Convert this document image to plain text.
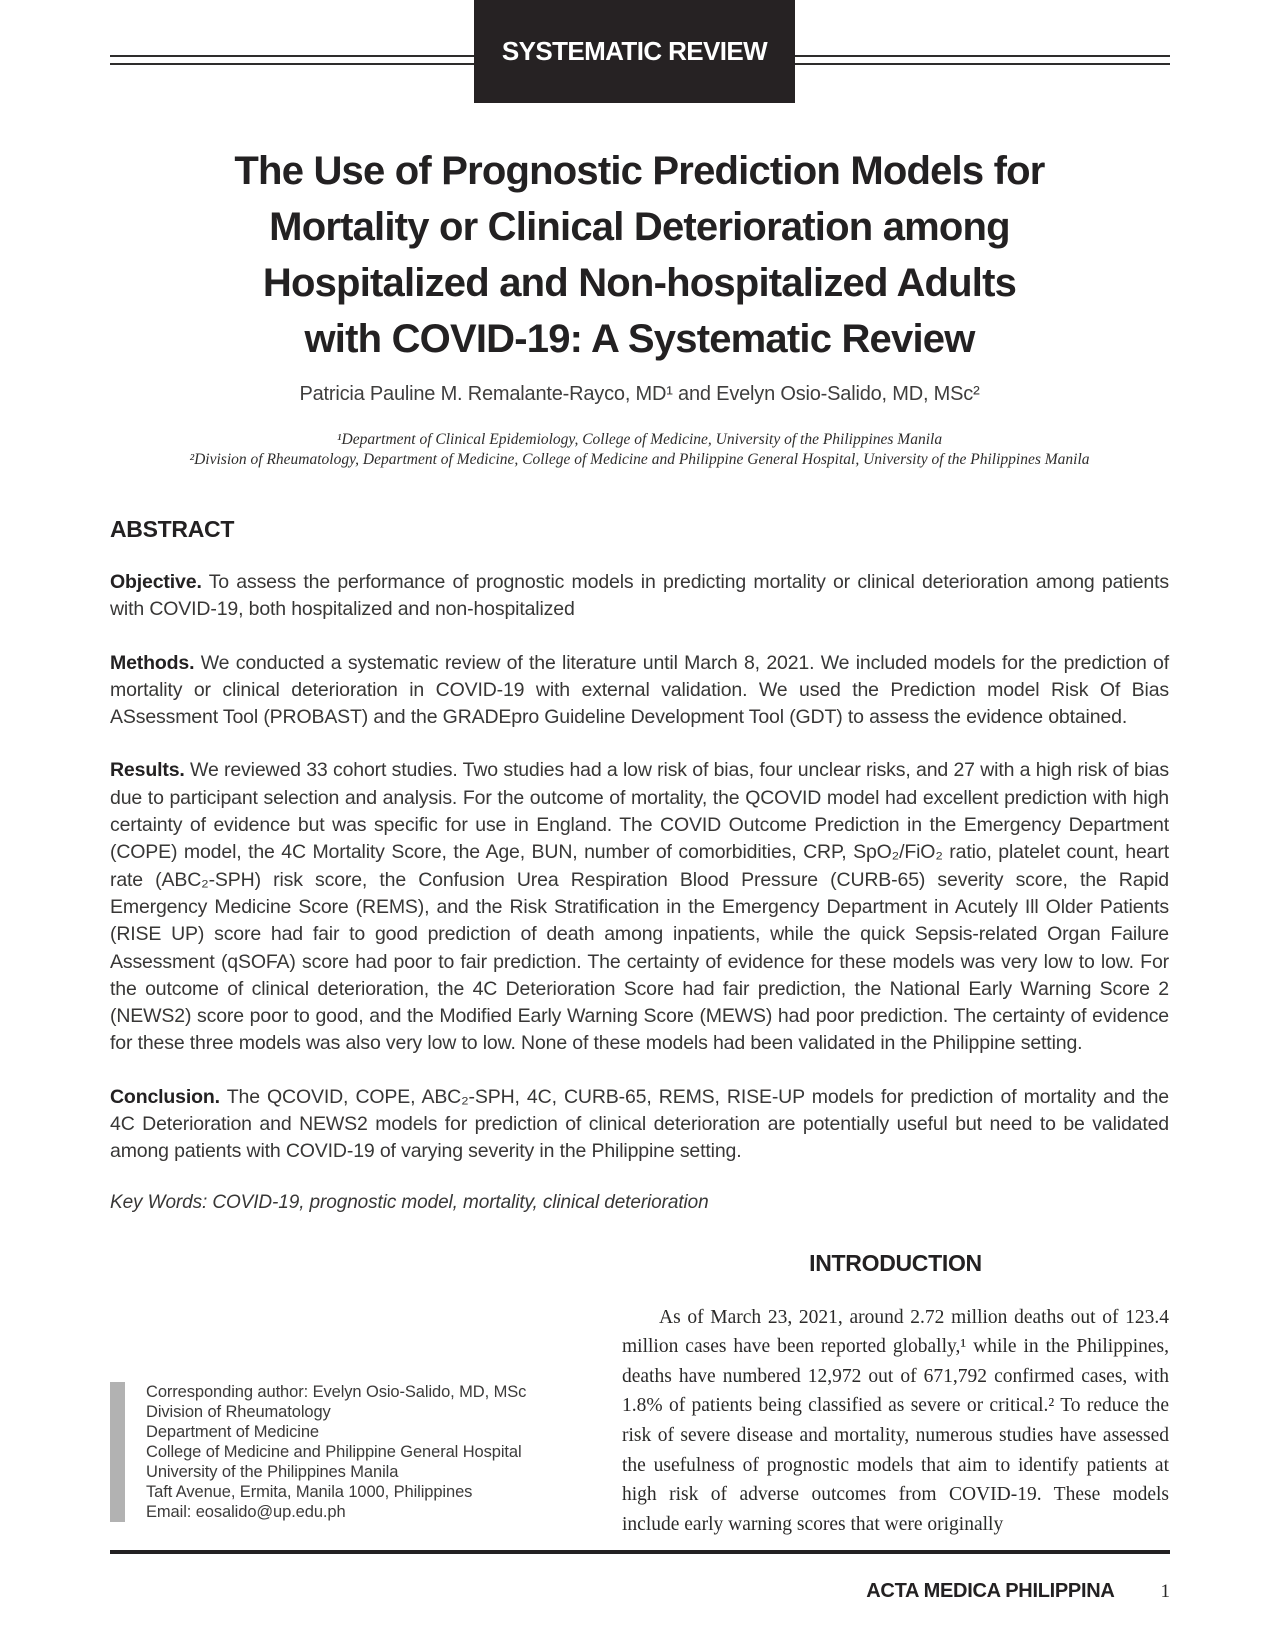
SYSTEMATIC REVIEW
The Use of Prognostic Prediction Models for
Mortality or Clinical Deterioration among
Hospitalized and Non-hospitalized Adults
with COVID-19: A Systematic Review
Patricia Pauline M. Remalante-Rayco, MD¹ and Evelyn Osio-Salido, MD, MSc²
¹Department of Clinical Epidemiology, College of Medicine, University of the Philippines Manila
²Division of Rheumatology, Department of Medicine, College of Medicine and Philippine General Hospital, University of the Philippines Manila
ABSTRACT

Objective. To assess the performance of prognostic models in predicting mortality or clinical deterioration among patients with COVID-19, both hospitalized and non-hospitalized

Methods. We conducted a systematic review of the literature until March 8, 2021. We included models for the prediction of mortality or clinical deterioration in COVID-19 with external validation. We used the Prediction model Risk Of Bias ASsessment Tool (PROBAST) and the GRADEpro Guideline Development Tool (GDT) to assess the evidence obtained.

Results. We reviewed 33 cohort studies. Two studies had a low risk of bias, four unclear risks, and 27 with a high risk of bias due to participant selection and analysis. For the outcome of mortality, the QCOVID model had excellent prediction with high certainty of evidence but was specific for use in England. The COVID Outcome Prediction in the Emergency Department (COPE) model, the 4C Mortality Score, the Age, BUN, number of comorbidities, CRP, SpO₂/FiO₂ ratio, platelet count, heart rate (ABC₂-SPH) risk score, the Confusion Urea Respiration Blood Pressure (CURB-65) severity score, the Rapid Emergency Medicine Score (REMS), and the Risk Stratification in the Emergency Department in Acutely Ill Older Patients (RISE UP) score had fair to good prediction of death among inpatients, while the quick Sepsis-related Organ Failure Assessment (qSOFA) score had poor to fair prediction. The certainty of evidence for these models was very low to low. For the outcome of clinical deterioration, the 4C Deterioration Score had fair prediction, the National Early Warning Score 2 (NEWS2) score poor to good, and the Modified Early Warning Score (MEWS) had poor prediction. The certainty of evidence for these three models was also very low to low. None of these models had been validated in the Philippine setting.

Conclusion. The QCOVID, COPE, ABC₂-SPH, 4C, CURB-65, REMS, RISE-UP models for prediction of mortality and the 4C Deterioration and NEWS2 models for prediction of clinical deterioration are potentially useful but need to be validated among patients with COVID-19 of varying severity in the Philippine setting.

Key Words: COVID-19, prognostic model, mortality, clinical deterioration
Corresponding author: Evelyn Osio-Salido, MD, MSc
Division of Rheumatology
Department of Medicine
College of Medicine and Philippine General Hospital
University of the Philippines Manila
Taft Avenue, Ermita, Manila 1000, Philippines
Email: eosalido@up.edu.ph
INTRODUCTION

As of March 23, 2021, around 2.72 million deaths out of 123.4 million cases have been reported globally,¹ while in the Philippines, deaths have numbered 12,972 out of 671,792 confirmed cases, with 1.8% of patients being classified as severe or critical.² To reduce the risk of severe disease and mortality, numerous studies have assessed the usefulness of prognostic models that aim to identify patients at high risk of adverse outcomes from COVID-19. These models include early warning scores that were originally

ACTA MEDICA PHILIPPINA 1
